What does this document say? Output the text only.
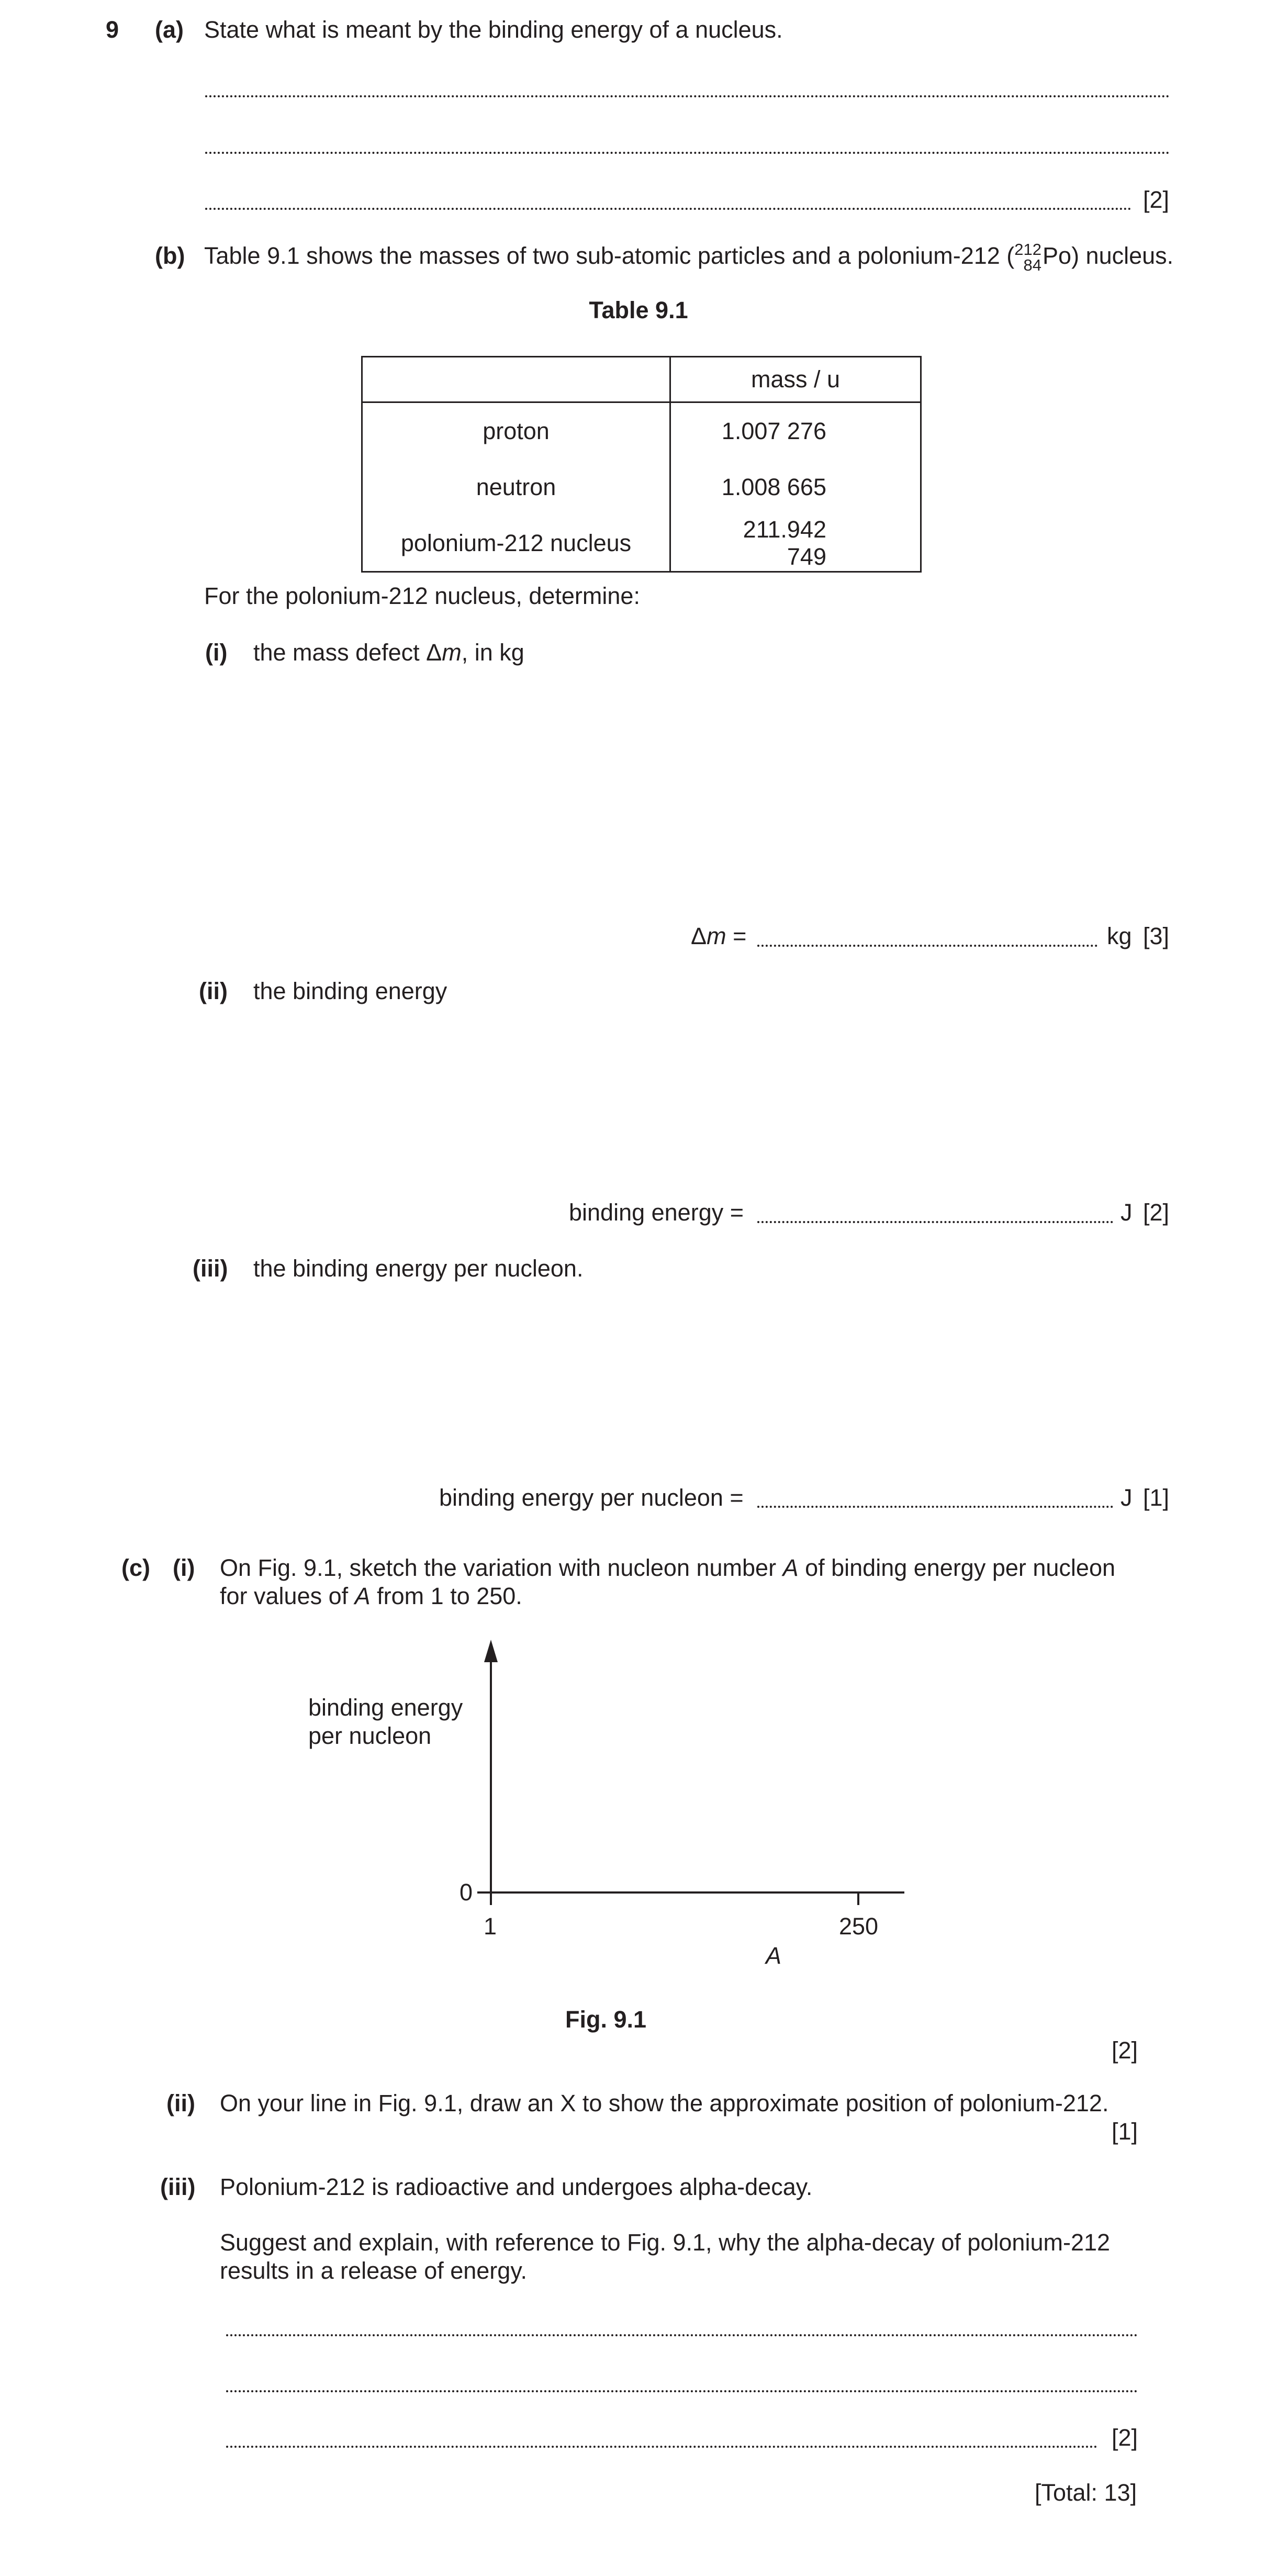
9 (a) State what is meant by the binding energy of a nucleus.
[2]
(b) Table 9.1 shows the masses of two sub-atomic particles and a polonium-212 ( 212
84 Po) nucleus.
Table 9.1
	mass / u
proton	1.007 276
neutron	1.008 665
polonium-212 nucleus	211.942 749
For the polonium-212 nucleus, determine:
(i) the mass defect Δm, in kg
Δm =	kg [3]
(ii) the binding energy
binding energy =	J [2]
(iii) the binding energy per nucleon.
binding energy per nucleon =	J [1]
(c) (i) On Fig. 9.1, sketch the variation with nucleon number A of binding energy per nucleon
for values of A from 1 to 250.
binding energy
per nucleon
0
1	250
A
Fig. 9.1
[2]
(ii) On your line in Fig. 9.1, draw an X to show the approximate position of polonium-212.
[1]
(iii) Polonium-212 is radioactive and undergoes alpha-decay.
Suggest and explain, with reference to Fig. 9.1, why the alpha-decay of polonium-212
results in a release of energy.
[2]
[Total: 13]
